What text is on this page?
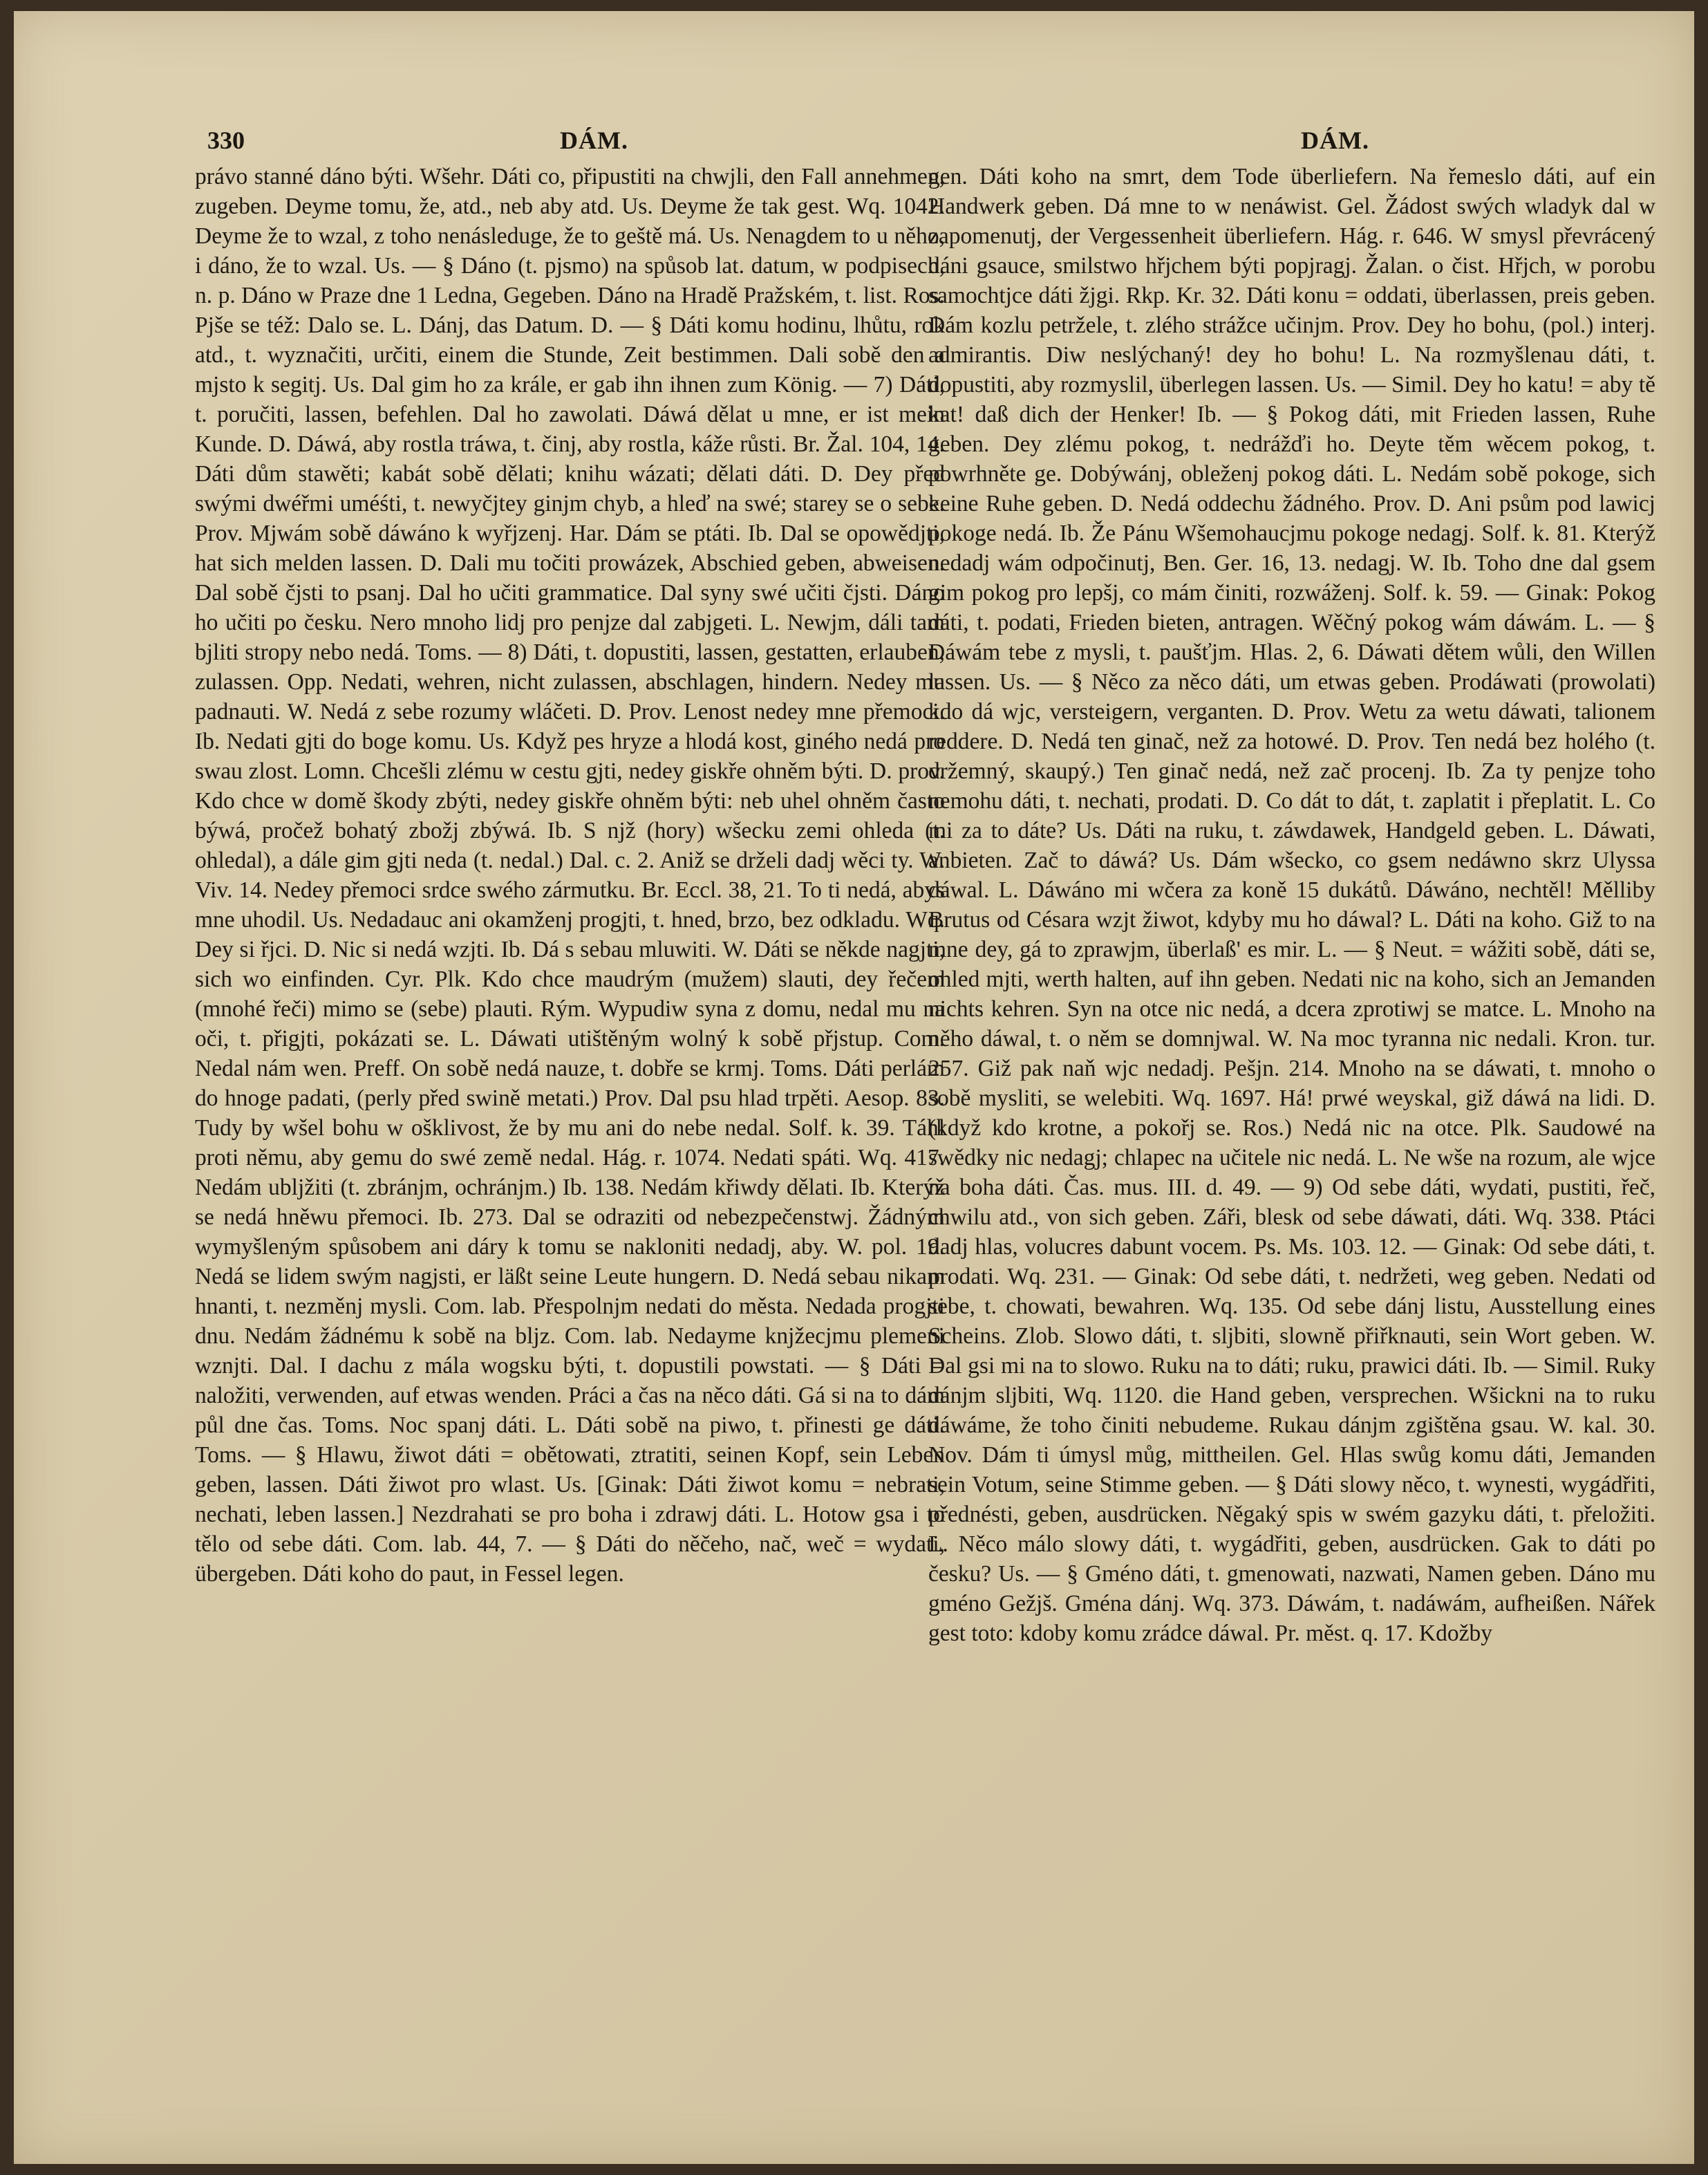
330	DÁM.	DÁM.

právo stanné dáno býti. Wšehr. Dáti co, připustiti na chwjli, den Fall annehmen, zugeben. Deyme tomu, že, atd., neb aby atd. Us. Deyme že tak gest. Wq. 1042. Deyme že to wzal, z toho nenásleduge, že to geště má. Us. Nenagdem to u něho, i dáno, že to wzal. Us. — § Dáno (t. pjsmo) na spůsob lat. datum, w podpisech, n. p. Dáno w Praze dne 1 Ledna, Gegeben. Dáno na Hradě Pražském, t. list. Ros. Pjše se též: Dalo se. L. Dánj, das Datum. D. — § Dáti komu hodinu, lhůtu, rok atd., t. wyznačiti, určiti, einem die Stunde, Zeit bestimmen. Dali sobě den a mjsto k segitj. Us. Dal gim ho za krále, er gab ihn ihnen zum König. — 7) Dáti, t. poručiti, lassen, befehlen. Dal ho zawolati. Dáwá dělat u mne, er ist mein Kunde. D. Dáwá, aby rostla tráwa, t. činj, aby rostla, káže růsti. Br. Žal. 104, 14. Dáti dům stawěti; kabát sobě dělati; knihu wázati; dělati dáti. D. Dey před swými dwéřmi uméśti, t. newyčjtey ginjm chyb, a hleď na swé; starey se o sebe. Prov. Mjwám sobě dáwáno k wyřjzenj. Har. Dám se ptáti. Ib. Dal se opowědjti, hat sich melden lassen. D. Dali mu točiti prowázek, Abschied geben, abweisen. Dal sobě čjsti to psanj. Dal ho učiti grammatice. Dal syny swé učiti čjsti. Dáno ho učiti po česku. Nero mnoho lidj pro penjze dal zabjgeti. L. Newjm, dáli tam bjliti stropy nebo nedá. Toms. — 8) Dáti, t. dopustiti, lassen, gestatten, erlauben, zulassen. Opp. Nedati, wehren, nicht zulassen, abschlagen, hindern. Nedey mu padnauti. W. Nedá z sebe rozumy wláčeti. D. Prov. Lenost nedey mne přemoci. Ib. Nedati gjti do boge komu. Us. Když pes hryze a hlodá kost, giného nedá pro swau zlost. Lomn. Chcešli zlému w cestu gjti, nedey giskře ohněm býti. D. prov. Kdo chce w domě škody zbýti, nedey giskře ohněm býti: neb uhel ohněm často býwá, pročež bohatý zbožj zbýwá. Ib. S njž (hory) wšecku zemi ohleda (t. ohledal), a dále gim gjti neda (t. nedal.) Dal. c. 2. Aniž se drželi dadj wěci ty. W. Viv. 14. Nedey přemoci srdce swého zármutku. Br. Eccl. 38, 21. To ti nedá, abys mne uhodil. Us. Nedadauc ani okamženj progjti, t. hned, brzo, bez odkladu. Wq. Dey si řjci. D. Nic si nedá wzjti. Ib. Dá s sebau mluwiti. W. Dáti se někde nagjti, sich wo einfinden. Cyr. Plk. Kdo chce maudrým (mužem) slauti, dey řečem (mnohé řeči) mimo se (sebe) plauti. Rým. Wypudiw syna z domu, nedal mu na oči, t. přigjti, pokázati se. L. Dáwati utištěným wolný k sobě přjstup. Com. Nedal nám wen. Preff. On sobě nedá nauze, t. dobře se krmj. Toms. Dáti perlám do hnoge padati, (perly před swině metati.) Prov. Dal psu hlad trpěti. Aesop. 83. Tudy by wšel bohu w ošklivost, že by mu ani do nebe nedal. Solf. k. 39. Táhl proti němu, aby gemu do swé země nedal. Hág. r. 1074. Nedati spáti. Wq. 417. Nedám ublјžiti (t. zbránjm, ochránjm.) Ib. 138. Nedám křiwdy dělati. Ib. Kterýž se nedá hněwu přemoci. Ib. 273. Dal se odraziti od nebezpečenstwj. Žádným wymyšleným spůsobem ani dáry k tomu se nakloniti nedadj, aby. W. pol. 19. Nedá se lidem swým nagjsti, er läßt seine Leute hungern. D. Nedá sebau nikam hnanti, t. nezměnj mysli. Com. lab. Přespolnjm nedati do města. Nedada progjti dnu. Nedám žádnému k sobě na bljz. Com. lab. Nedayme knjžecjmu plemeni wznjti. Dal. I dachu z mála wogsku býti, t. dopustili powstati. — § Dáti = naložiti, verwenden, auf etwas wenden. Práci a čas na něco dáti. Gá si na to dám půl dne čas. Toms. Noc spanj dáti. L. Dáti sobě na piwo, t. přinesti ge dáti. Toms. — § Hlawu, žiwot dáti = obětowati, ztratiti, seinen Kopf, sein Leben geben, lassen. Dáti žiwot pro wlast. Us. [Ginak: Dáti žiwot komu = nebrati, nechati, leben lassen.] Nezdrahati se pro boha i zdrawj dáti. L. Hotow gsa i to tělo od sebe dáti. Com. lab. 44, 7. — § Dáti do něčeho, nač, weč = wydati, übergeben. Dáti koho do paut, in Fessel legen.

gen. Dáti koho na smrt, dem Tode überliefern. Na řemeslo dáti, auf ein Handwerk geben. Dá mne to w nenáwist. Gel. Žádost swých wladyk dal w zapomenutj, der Vergessenheit überliefern. Hág. r. 646. W smysl převrácený dáni gsauce, smilstwo hřjchem býti popjragj. Žalan. o čist. Hřjch, w porobu samochtjce dáti žjgi. Rkp. Kr. 32. Dáti konu = oddati, überlassen, preis geben. Dám kozlu petržele, t. zlého strážce učinjm. Prov. Dey ho bohu, (pol.) interj. admirantis. Diw neslýchaný! dey ho bohu! L. Na rozmyšlenau dáti, t. dopustiti, aby rozmyslil, überlegen lassen. Us. — Simil. Dey ho katu! = aby tě kat! daß dich der Henker! Ib. — § Pokog dáti, mit Frieden lassen, Ruhe geben. Dey zlému pokog, t. nedrážďi ho. Deyte těm wěcem pokog, t. powrhněte ge. Dobýwánj, obleženj pokog dáti. L. Nedám sobě pokoge, sich keine Ruhe geben. D. Nedá oddechu žádného. Prov. D. Ani psům pod lawicj pokoge nedá. Ib. Že Pánu Wšemohaucjmu pokoge nedagj. Solf. k. 81. Kterýž nedadj wám odpočinutj, Ben. Ger. 16, 13. nedagj. W. Ib. Toho dne dal gsem gim pokog pro lepšj, co mám činiti, rozwáženj. Solf. k. 59. — Ginak: Pokog dáti, t. podati, Frieden bieten, antragen. Wěčný pokog wám dáwám. L. — § Dáwám tebe z mysli, t. paušťjm. Hlas. 2, 6. Dáwati dětem wůli, den Willen lassen. Us. — § Něco za něco dáti, um etwas geben. Prodáwati (prowolati) kdo dá wjc, versteigern, verganten. D. Prov. Wetu za wetu dáwati, talionem reddere. D. Nedá ten ginač, než za hotowé. D. Prov. Ten nedá bez holého (t. držemný, skaupý.) Ten ginač nedá, než zač procenj. Ib. Za ty penjze toho nemohu dáti, t. nechati, prodati. D. Co dát to dát, t. zaplatit i přeplatit. L. Co mi za to dáte? Us. Dáti na ruku, t. záwdawek, Handgeld geben. L. Dáwati, anbieten. Zač to dáwá? Us. Dám wšecko, co gsem nedáwno skrz Ulyssa dáwal. L. Dáwáno mi wčera za koně 15 dukátů. Dáwáno, nechtěl! Mělliby Brutus od Césara wzjt žiwot, kdyby mu ho dáwal? L. Dáti na koho. Giž to na mne dey, gá to zprawjm, überlaß' es mir. L. — § Neut. = wážiti sobě, dáti se, ohled mjti, werth halten, auf ihn geben. Nedati nic na koho, sich an Jemanden nichts kehren. Syn na otce nic nedá, a dcera zprotiwj se matce. L. Mnoho na něho dáwal, t. o něm se domnjwal. W. Na moc tyranna nic nedali. Kron. tur. 257. Giž pak naň wjc nedadj. Pešjn. 214. Mnoho na se dáwati, t. mnoho o sobě mysliti, se welebiti. Wq. 1697. Há! prwé weyskal, giž dáwá na lidi. D. (když kdo krotne, a pokořj se. Ros.) Nedá nic na otce. Plk. Saudowé na swědky nic nedagj; chlapec na učitele nic nedá. L. Ne wše na rozum, ale wjce na boha dáti. Čas. mus. III. d. 49. — 9) Od sebe dáti, wydati, pustiti, řeč, chwilu atd., von sich geben. Záři, blesk od sebe dáwati, dáti. Wq. 338. Ptáci dadj hlas, volucres dabunt vocem. Ps. Ms. 103. 12. — Ginak: Od sebe dáti, t. prodati. Wq. 231. — Ginak: Od sebe dáti, t. nedržeti, weg geben. Nedati od sebe, t. chowati, bewahren. Wq. 135. Od sebe dánj listu, Ausstellung eines Scheins. Zlob. Slowo dáti, t. sljbiti, slowně přiřknauti, sein Wort geben. W. Dal gsi mi na to slowo. Ruku na to dáti; ruku, prawici dáti. Ib. — Simil. Ruky dánjm sljbiti, Wq. 1120. die Hand geben, versprechen. Wšickni na to ruku dáwáme, že toho činiti nebudeme. Rukau dánjm zgištěna gsau. W. kal. 30. Nov. Dám ti úmysl můg, mittheilen. Gel. Hlas swůg komu dáti, Jemanden sein Votum, seine Stimme geben. — § Dáti slowy něco, t. wynesti, wygádřiti, přednésti, geben, ausdrücken. Něgaký spis w swém gazyku dáti, t. přeložiti. L. Něco málo slowy dáti, t. wygádřiti, geben, ausdrücken. Gak to dáti po česku? Us. — § Gméno dáti, t. gmenowati, nazwati, Namen geben. Dáno mu gméno Gežjš. Gména dánj. Wq. 373. Dáwám, t. nadáwám, aufheißen. Nářek gest toto: kdoby komu zrádce dáwal. Pr. měst. q. 17. Kdožby
